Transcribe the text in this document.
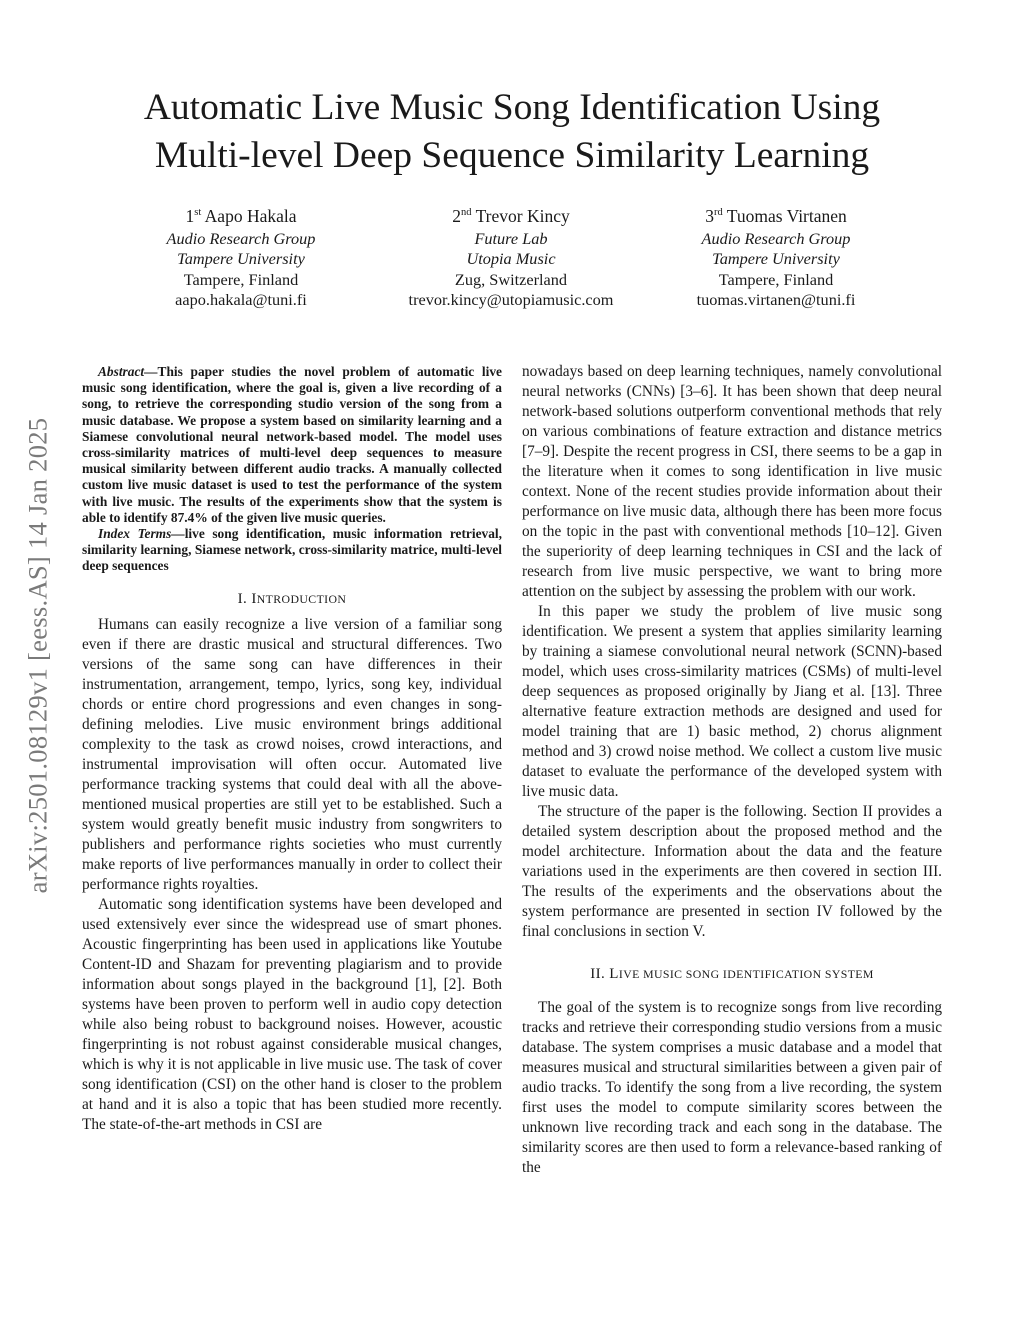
arXiv:2501.08129v1 [eess.AS] 14 Jan 2025
Automatic Live Music Song Identification Using
Multi-level Deep Sequence Similarity Learning
1st Aapo Hakala
Audio Research Group
Tampere University
Tampere, Finland
aapo.hakala@tuni.fi
2nd Trevor Kincy
Future Lab
Utopia Music
Zug, Switzerland
trevor.kincy@utopiamusic.com
3rd Tuomas Virtanen
Audio Research Group
Tampere University
Tampere, Finland
tuomas.virtanen@tuni.fi

Abstract—This paper studies the novel problem of automatic live music song identification, where the goal is, given a live recording of a song, to retrieve the corresponding studio version of the song from a music database. We propose a system based on similarity learning and a Siamese convolutional neural network-based model. The model uses cross-similarity matrices of multi-level deep sequences to measure musical similarity between different audio tracks. A manually collected custom live music dataset is used to test the performance of the system with live music. The results of the experiments show that the system is able to identify 87.4% of the given live music queries.

Index Terms—live song identification, music information retrieval, similarity learning, Siamese network, cross-similarity matrice, multi-level deep sequences

I. INTRODUCTION

Humans can easily recognize a live version of a familiar song even if there are drastic musical and structural differences. Two versions of the same song can have differences in their instrumentation, arrangement, tempo, lyrics, song key, individual chords or entire chord progressions and even changes in song-defining melodies. Live music environment brings additional complexity to the task as crowd noises, crowd interactions, and instrumental improvisation will often occur. Automated live performance tracking systems that could deal with all the above-mentioned musical properties are still yet to be established. Such a system would greatly benefit music industry from songwriters to publishers and performance rights societies who must currently make reports of live performances manually in order to collect their performance rights royalties.

Automatic song identification systems have been developed and used extensively ever since the widespread use of smart phones. Acoustic fingerprinting has been used in applications like Youtube Content-ID and Shazam for preventing plagiarism and to provide information about songs played in the background [1], [2]. Both systems have been proven to perform well in audio copy detection while also being robust to background noises. However, acoustic fingerprinting is not robust against considerable musical changes, which is why it is not applicable in live music use. The task of cover song identification (CSI) on the other hand is closer to the problem at hand and it is also a topic that has been studied more recently. The state-of-the-art methods in CSI are

nowadays based on deep learning techniques, namely convolutional neural networks (CNNs) [3–6]. It has been shown that deep neural network-based solutions outperform conventional methods that rely on various combinations of feature extraction and distance metrics [7–9]. Despite the recent progress in CSI, there seems to be a gap in the literature when it comes to song identification in live music context. None of the recent studies provide information about their performance on live music data, although there has been more focus on the topic in the past with conventional methods [10–12]. Given the superiority of deep learning techniques in CSI and the lack of research from live music perspective, we want to bring more attention on the subject by assessing the problem with our work.

In this paper we study the problem of live music song identification. We present a system that applies similarity learning by training a siamese convolutional neural network (SCNN)-based model, which uses cross-similarity matrices (CSMs) of multi-level deep sequences as proposed originally by Jiang et al. [13]. Three alternative feature extraction methods are designed and used for model training that are 1) basic method, 2) chorus alignment method and 3) crowd noise method. We collect a custom live music dataset to evaluate the performance of the developed system with live music data.

The structure of the paper is the following. Section II provides a detailed system description about the proposed method and the model architecture. Information about the data and the feature variations used in the experiments are then covered in section III. The results of the experiments and the observations about the system performance are presented in section IV followed by the final conclusions in section V.

II. LIVE MUSIC SONG IDENTIFICATION SYSTEM

The goal of the system is to recognize songs from live recording tracks and retrieve their corresponding studio versions from a music database. The system comprises a music database and a model that measures musical and structural similarities between a given pair of audio tracks. To identify the song from a live recording, the system first uses the model to compute similarity scores between the unknown live recording track and each song in the database. The similarity scores are then used to form a relevance-based ranking of the
